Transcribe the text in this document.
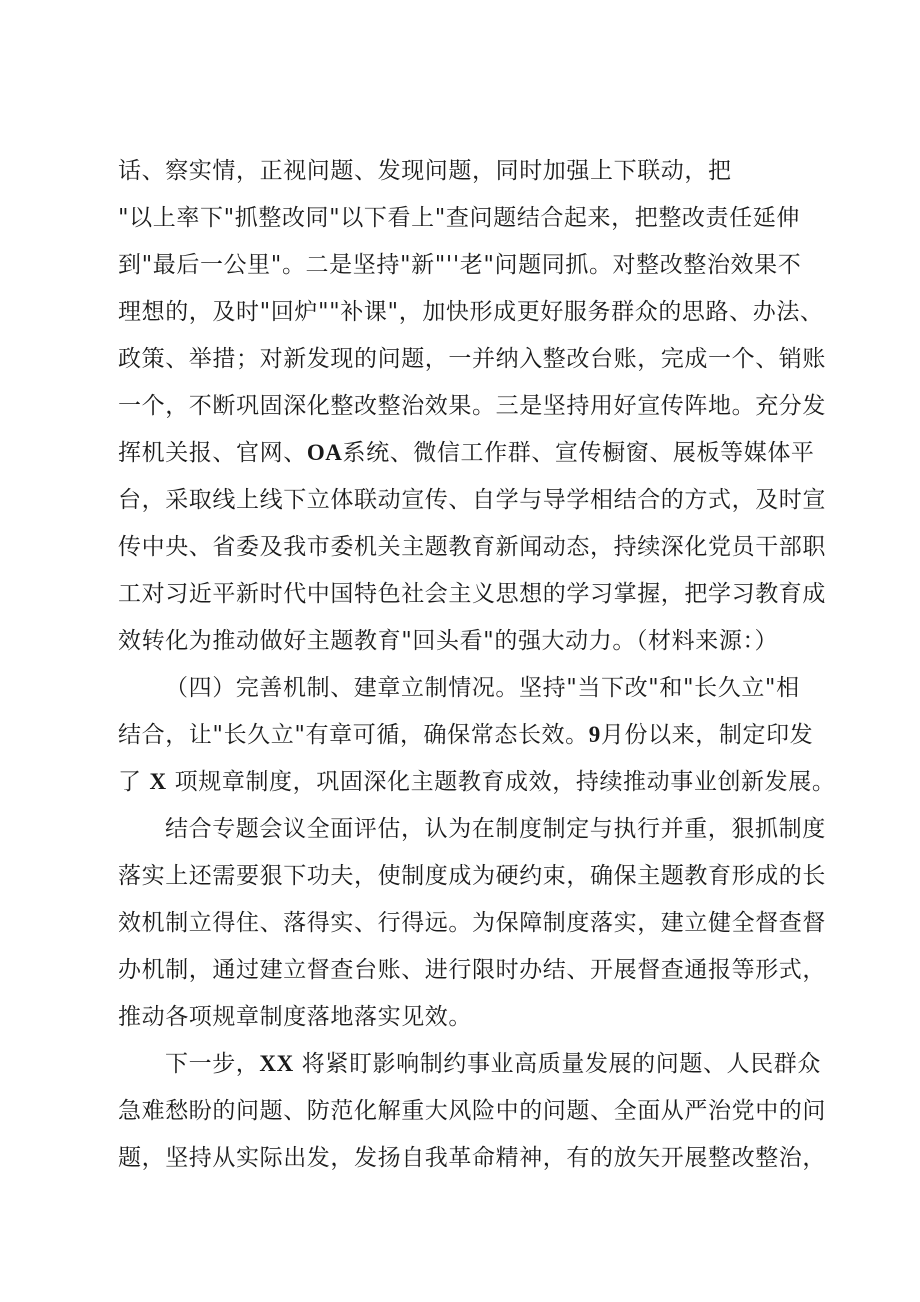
话、察实情，正视问题、发现问题，同时加强上下联动，把
"以上率下"抓整改同"以下看上"查问题结合起来，把整改责任延伸
到"最后一公里"。二是坚持"新"''老"问题同抓。对整改整治效果不
理想的，及时"回炉""补课"，加快形成更好服务群众的思路、办法、
政策、举措；对新发现的问题，一并纳入整改台账，完成一个、销账
一个，不断巩固深化整改整治效果。三是坚持用好宣传阵地。充分发
挥机关报、官网、OA系统、微信工作群、宣传橱窗、展板等媒体平
台，采取线上线下立体联动宣传、自学与导学相结合的方式，及时宣
传中央、省委及我市委机关主题教育新闻动态，持续深化党员干部职
工对习近平新时代中国特色社会主义思想的学习掌握，把学习教育成
效转化为推动做好主题教育"回头看"的强大动力。（材料来源：）
（四）完善机制、建章立制情况。坚持"当下改"和"长久立"相
结合，让"长久立"有章可循，确保常态长效。9月份以来，制定印发
了 X 项规章制度，巩固深化主题教育成效，持续推动事业创新发展。
结合专题会议全面评估，认为在制度制定与执行并重，狠抓制度
落实上还需要狠下功夫，使制度成为硬约束，确保主题教育形成的长
效机制立得住、落得实、行得远。为保障制度落实，建立健全督查督
办机制，通过建立督查台账、进行限时办结、开展督查通报等形式，
推动各项规章制度落地落实见效。
下一步，XX 将紧盯影响制约事业高质量发展的问题、人民群众
急难愁盼的问题、防范化解重大风险中的问题、全面从严治党中的问
题，坚持从实际出发，发扬自我革命精神，有的放矢开展整改整治，
